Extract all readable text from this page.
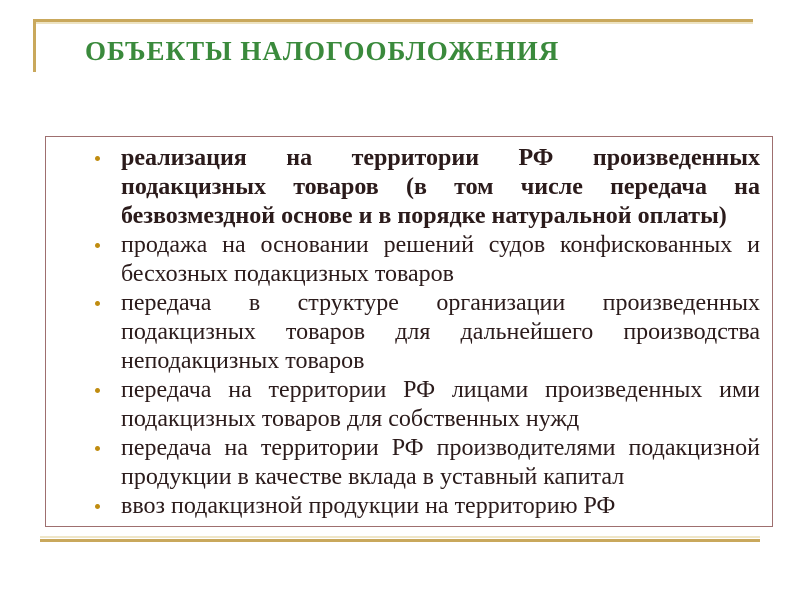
ОБЪЕКТЫ НАЛОГООБЛОЖЕНИЯ
реализация на территории РФ произведенных подакцизных товаров (в том числе передача на безвозмездной основе и в порядке натуральной оплаты)
продажа на основании решений судов конфискованных и бесхозных подакцизных товаров
передача в структуре организации произведенных подакцизных товаров для дальнейшего производства неподакцизных товаров
передача на территории РФ лицами произведенных ими подакцизных товаров для собственных нужд
передача на территории РФ производителями подакцизной продукции в качестве вклада в уставный капитал
ввоз подакцизной продукции на территорию РФ
